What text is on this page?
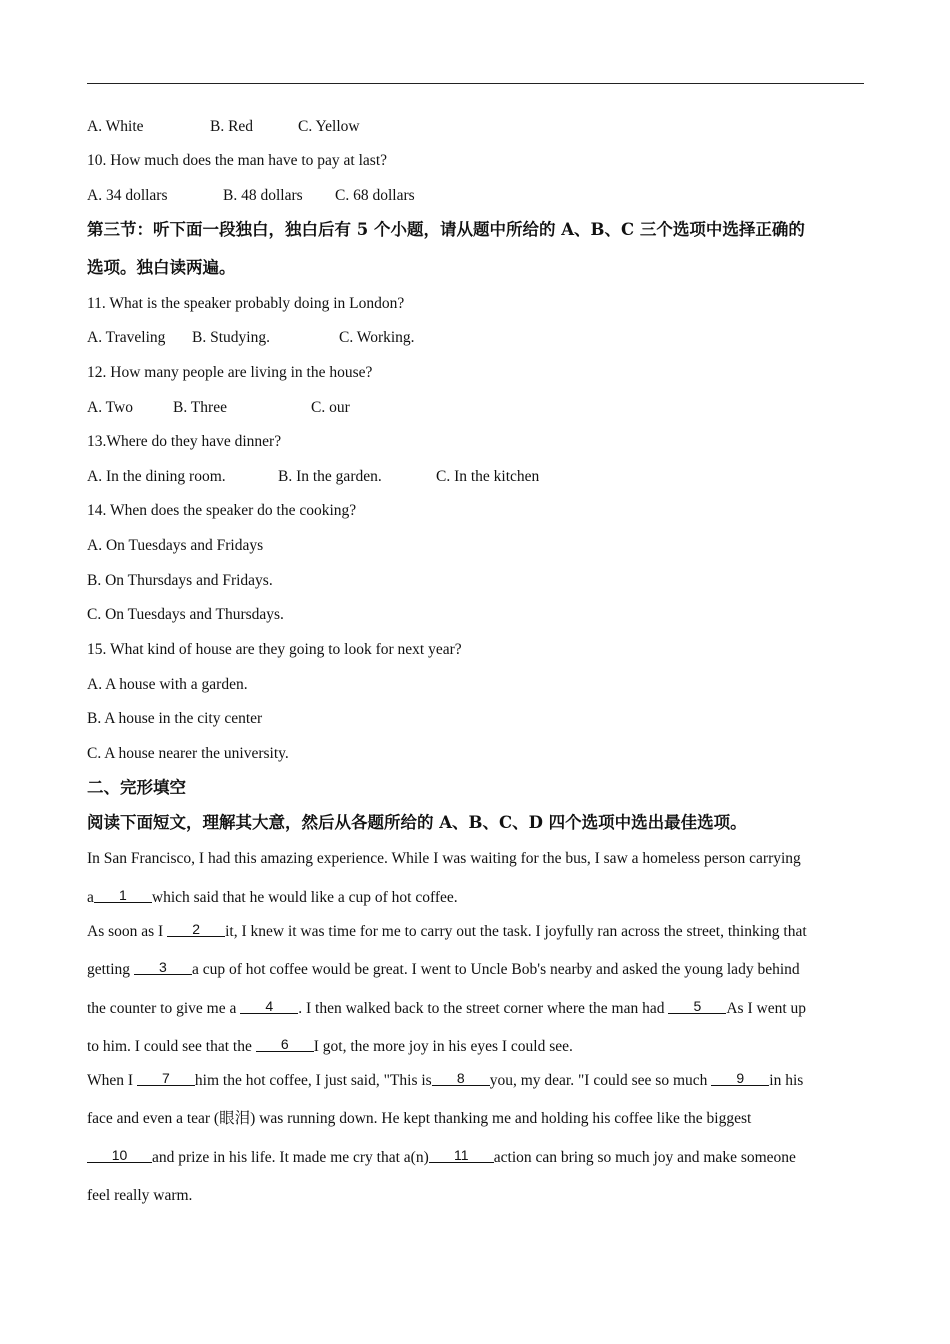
A. White	B. Red	C. Yellow
10. How much does the man have to pay at last?
A. 34 dollars	B. 48 dollars C. 68 dollars
第三节：听下面一段独白，独白后有 5 个小题，请从题中所给的 A、B、C 三个选项中选择正确的
选项。独白读两遍。
11. What is the speaker probably doing in London?
A. Traveling B. Studying.	C. Working.
12. How many people are living in the house?
A. Two	B. Three	C. our
13.Where do they have dinner?
A. In the dining room.	B. In the garden.	C. In the kitchen
14. When does the speaker do the cooking?
A. On Tuesdays and Fridays
B. On Thursdays and Fridays.
C. On Tuesdays and Thursdays.
15. What kind of house are they going to look for next year?
A. A house with a garden.
B. A house in the city center
C. A house nearer the university.
二、完形填空
阅读下面短文，理解其大意，然后从各题所给的 A、B、C、D 四个选项中选出最佳选项。
In San Francisco, I had this amazing experience. While I was waiting for the bus, I saw a homeless person carrying
a 1 which said that he would like a cup of hot coffee.
As soon as I 2 it, I knew it was time for me to carry out the task. I joyfully ran across the street, thinking that
getting 3 a cup of hot coffee would be great. I went to Uncle Bob's nearby and asked the young lady behind
the counter to give me a 4 . I then walked back to the street corner where the man had 5 As I went up
to him. I could see that the 6 I got, the more joy in his eyes I could see.
When I 7 him the hot coffee, I just said, "This is 8 you, my dear. "I could see so much 9 in his
face and even a tear (眼泪) was running down. He kept thanking me and holding his coffee like the biggest
10 and prize in his life. It made me cry that a(n) 11 action can bring so much joy and make someone
feel really warm.
